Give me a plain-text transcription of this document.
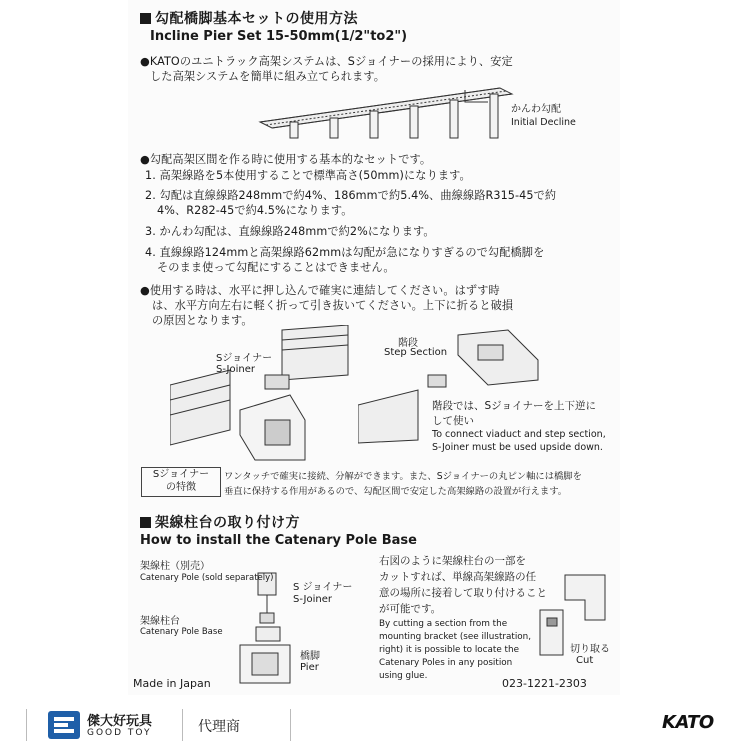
勾配橋脚基本セットの使用方法
Incline Pier Set 15-50mm(1/2"to2")
●KATOのユニトラック高架システムは、Sジョイナーの採用により、安定
した高架システムを簡単に組み立てられます。
かんわ勾配
Initial Decline
●勾配高架区間を作る時に使用する基本的なセットです。
1. 高架線路を5本使用することで標準高さ(50mm)になります。
2. 勾配は直線線路248mmで約4%、186mmで約5.4%、曲線線路R315-45で約
4%、R282-45で約4.5%になります。
3. かんわ勾配は、直線線路248mmで約2%になります。
4. 直線線路124mmと高架線路62mmは勾配が急になりすぎるので勾配橋脚を
そのまま使って勾配にすることはできません。
●使用する時は、水平に押し込んで確実に連結してください。はずす時
は、水平方向左右に軽く折って引き抜いてください。上下に折ると破損
の原因となります。
Sジョイナー
S-Joiner
階段
Step Section
階段では、Sジョイナーを上下逆に
して使い
To connect viaduct and step section,
S-Joiner must be used upside down.
Sジョイナー
の特徴
ワンタッチで確実に接続、分解ができます。また、Sジョイナーの丸ピン軸には橋脚を
垂直に保持する作用があるので、勾配区間で安定した高架線路の設置が行えます。
架線柱台の取り付け方
How to install the Catenary Pole Base
架線柱（別売）
Catenary Pole (sold separately)
S ジョイナー
S-Joiner
架線柱台
Catenary Pole Base
橋脚
Pier
右図のように架線柱台の一部を
カットすれば、単線高架線路の任
意の場所に接着して取り付けること
が可能です。
By cutting a section from the
mounting bracket (see illustration,
right) it is possible to locate the
Catenary Poles in any position
using glue.
切り取る
Cut
Made in Japan	023-1221-2303
傑大好玩具
GOOD TOY	代理商	KATO
